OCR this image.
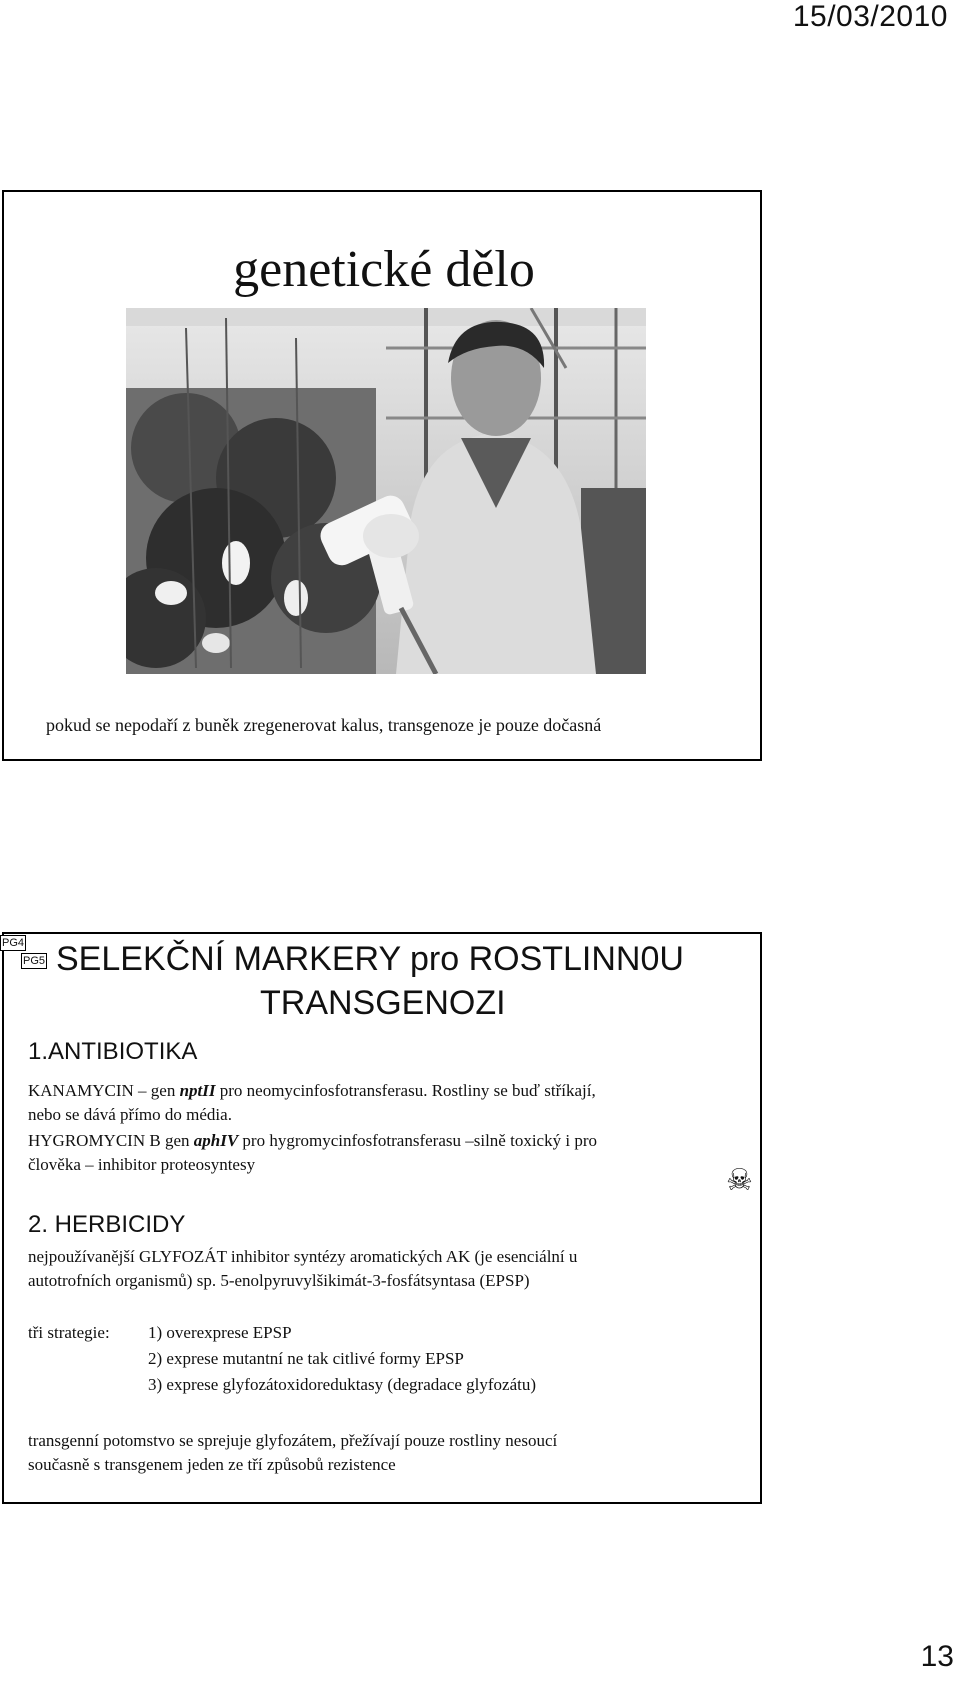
15/03/2010
genetické dělo
pokud se nepodaří z buněk zregenerovat kalus, transgenoze je pouze dočasná
PG4
PG5 SELEKČNÍ MARKERY pro ROSTLINN0U
TRANSGENOZI
1.ANTIBIOTIKA
KANAMYCIN – gen nptII pro neomycinfosfotransferasu. Rostliny se buď stříkají,
nebo se dává přímo do média.
HYGROMYCIN B gen aphIV pro hygromycinfosfotransferasu –silně toxický i pro
člověka – inhibitor proteosyntesy	☠
2. HERBICIDY
nejpoužívanější GLYFOZÁT inhibitor syntézy aromatických AK (je esenciální u
autotrofních organismů) sp. 5-enolpyruvylšikimát-3-fosfátsyntasa (EPSP)
tři strategie: 1) overexprese EPSP
2) exprese mutantní ne tak citlivé formy EPSP
3) exprese glyfozátoxidoreduktasy (degradace glyfozátu)
transgenní potomstvo se sprejuje glyfozátem, přežívají pouze rostliny nesoucí
současně s transgenem jeden ze tří způsobů rezistence
13
